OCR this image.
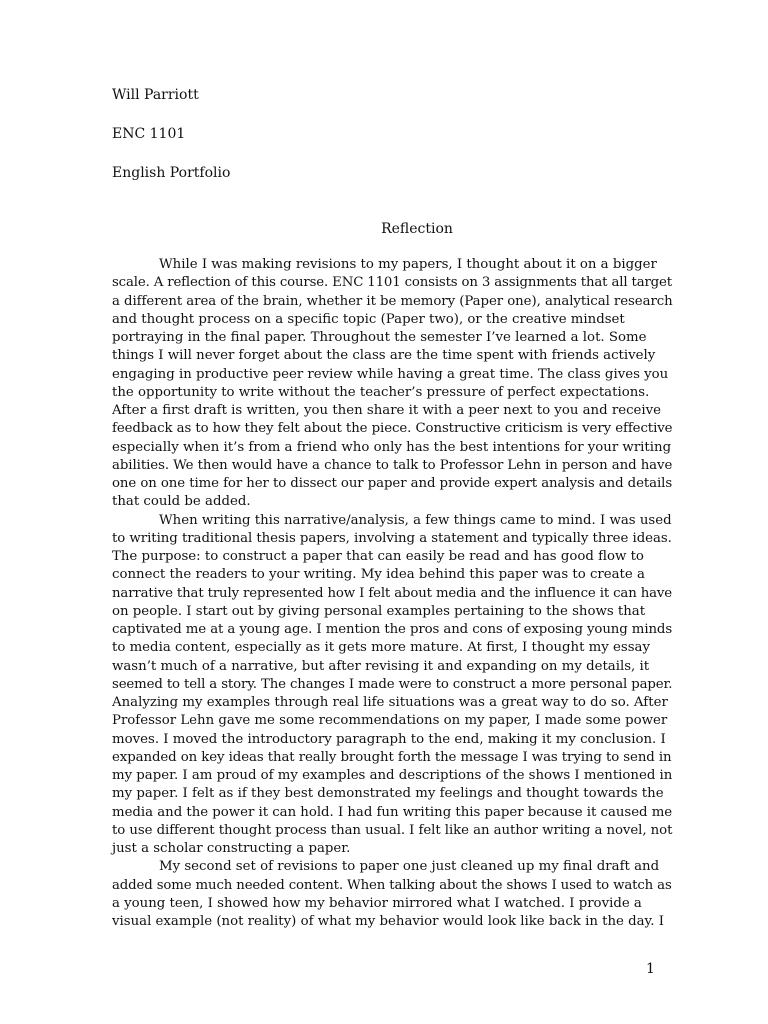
Will Parriott
ENC 1101
English Portfolio
Reflection
While I was making revisions to my papers, I thought about it on a bigger
scale. A reflection of this course. ENC 1101 consists on 3 assignments that all target
a different area of the brain, whether it be memory (Paper one), analytical research
and thought process on a specific topic (Paper two), or the creative mindset
portraying in the final paper. Throughout the semester I’ve learned a lot. Some
things I will never forget about the class are the time spent with friends actively
engaging in productive peer review while having a great time. The class gives you
the opportunity to write without the teacher’s pressure of perfect expectations.
After a first draft is written, you then share it with a peer next to you and receive
feedback as to how they felt about the piece. Constructive criticism is very effective
especially when it’s from a friend who only has the best intentions for your writing
abilities. We then would have a chance to talk to Professor Lehn in person and have
one on one time for her to dissect our paper and provide expert analysis and details
that could be added.
When writing this narrative/analysis, a few things came to mind. I was used
to writing traditional thesis papers, involving a statement and typically three ideas.
The purpose: to construct a paper that can easily be read and has good flow to
connect the readers to your writing. My idea behind this paper was to create a
narrative that truly represented how I felt about media and the influence it can have
on people. I start out by giving personal examples pertaining to the shows that
captivated me at a young age. I mention the pros and cons of exposing young minds
to media content, especially as it gets more mature. At first, I thought my essay
wasn’t much of a narrative, but after revising it and expanding on my details, it
seemed to tell a story. The changes I made were to construct a more personal paper.
Analyzing my examples through real life situations was a great way to do so. After
Professor Lehn gave me some recommendations on my paper, I made some power
moves. I moved the introductory paragraph to the end, making it my conclusion. I
expanded on key ideas that really brought forth the message I was trying to send in
my paper. I am proud of my examples and descriptions of the shows I mentioned in
my paper. I felt as if they best demonstrated my feelings and thought towards the
media and the power it can hold. I had fun writing this paper because it caused me
to use different thought process than usual. I felt like an author writing a novel, not
just a scholar constructing a paper.
My second set of revisions to paper one just cleaned up my final draft and
added some much needed content. When talking about the shows I used to watch as
a young teen, I showed how my behavior mirrored what I watched. I provide a
visual example (not reality) of what my behavior would look like back in the day. I
1
